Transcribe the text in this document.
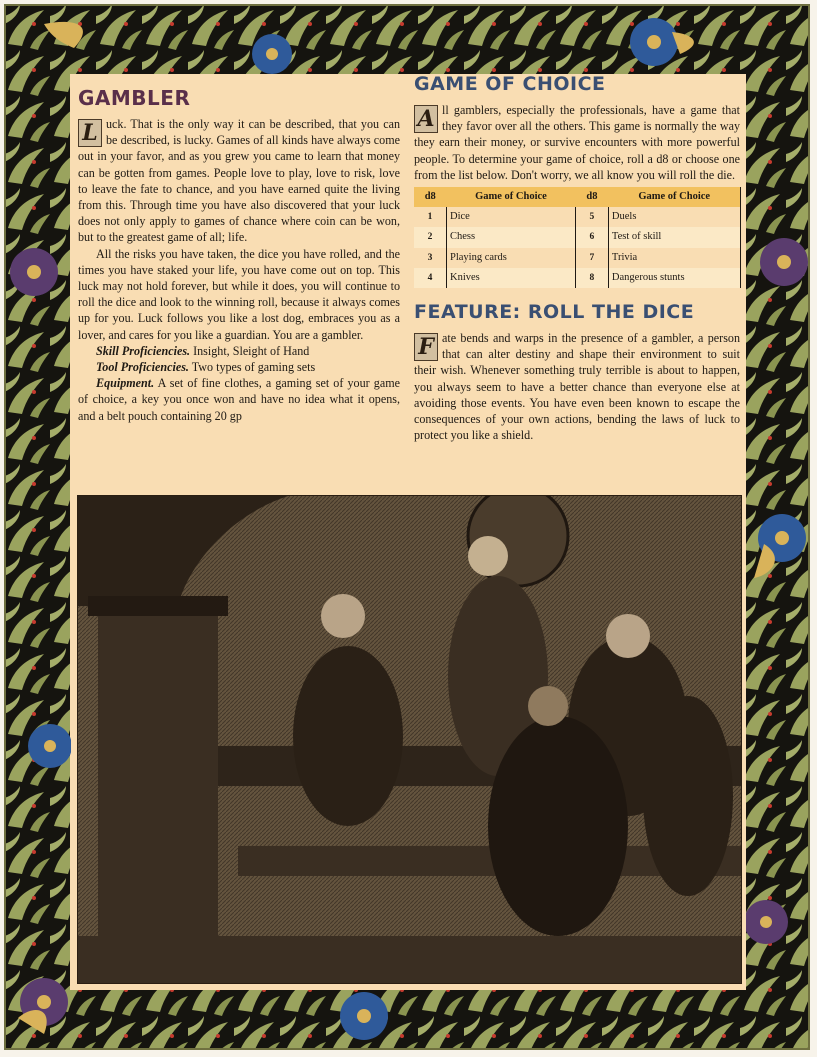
GAMBLER

L uck. That is the only way it can be described, that you can be described, is lucky. Games of all kinds have always come out in your favor, and as you grew you came to learn that money can be gotten from games. People love to play, love to risk, love to leave the fate to chance, and you have earned quite the living from this. Through time you have also discovered that your luck does not only apply to games of chance where coin can be won, but to the greatest game of all; life.

All the risks you have taken, the dice you have rolled, and the times you have staked your life, you have come out on top. This luck may not hold forever, but while it does, you will continue to roll the dice and look to the winning roll, because it always comes up for you. Luck follows you like a lost dog, embraces you as a lover, and cares for you like a guardian. You are a gambler.

Skill Proficiencies. Insight, Sleight of Hand

Tool Proficiencies. Two types of gaming sets

Equipment. A set of fine clothes, a gaming set of your game of choice, a key you once won and have no idea what it opens, and a belt pouch containing 20 gp

GAME OF CHOICE

A ll gamblers, especially the professionals, have a game that they favor over all the others. This game is normally the way they earn their money, or survive encounters with more powerful people. To determine your game of choice, roll a d8 or choose one from the list below. Don't worry, we all know you will roll the die.

d8	Game of Choice	d8	Game of Choice
1	Dice	5	Duels
2	Chess	6	Test of skill
3	Playing cards	7	Trivia
4	Knives	8	Dangerous stunts
FEATURE: ROLL THE DICE

F ate bends and warps in the presence of a gambler, a person that can alter destiny and shape their environment to suit their wish. Whenever something truly terrible is about to happen, you always seem to have a better chance than everyone else at avoiding those events. You have even been known to escape the consequences of your own actions, bending the laws of luck to protect you like a shield.
